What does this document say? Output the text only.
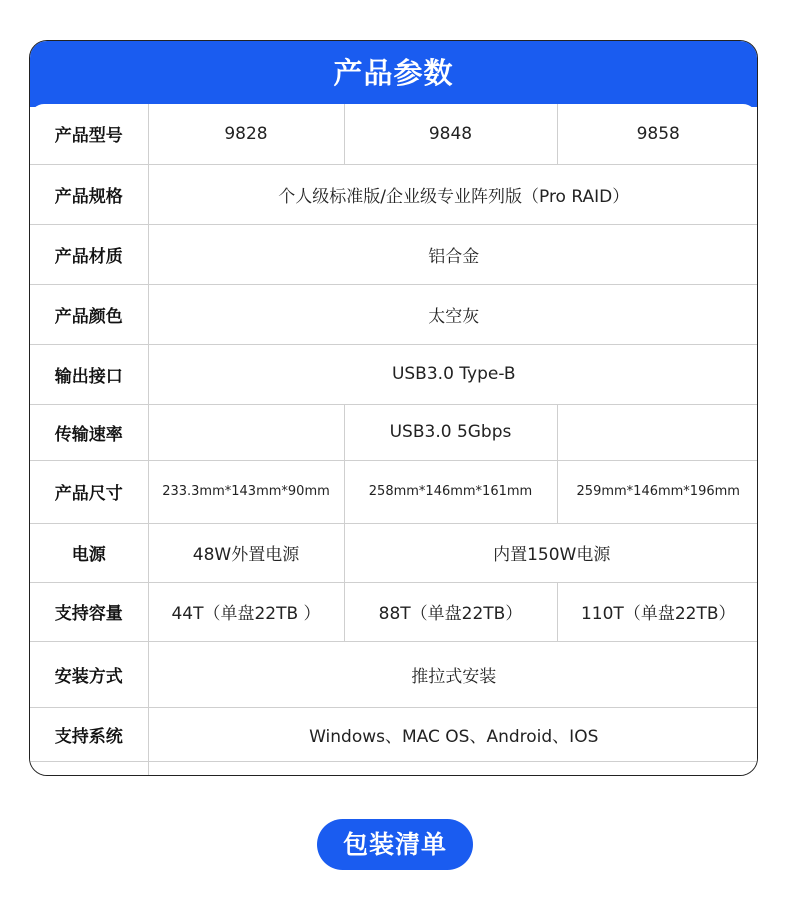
产品参数
产品型号	9828	9848	9858
产品规格	个人级标准版/企业级专业阵列版（Pro RAID）		
产品材质	铝合金		
产品颜色	太空灰		
输出接口	USB3.0 Type-B		
传输速率		USB3.0 5Gbps	
产品尺寸	233.3mm*143mm*90mm	258mm*146mm*161mm	259mm*146mm*196mm
电源	48W外置电源	内置150W电源	
支持容量	44T（单盘22TB ）	88T（单盘22TB）	110T（单盘22TB）
安装方式	推拉式安装		
支持系统	Windows、MAC OS、Android、IOS		
包装清单
